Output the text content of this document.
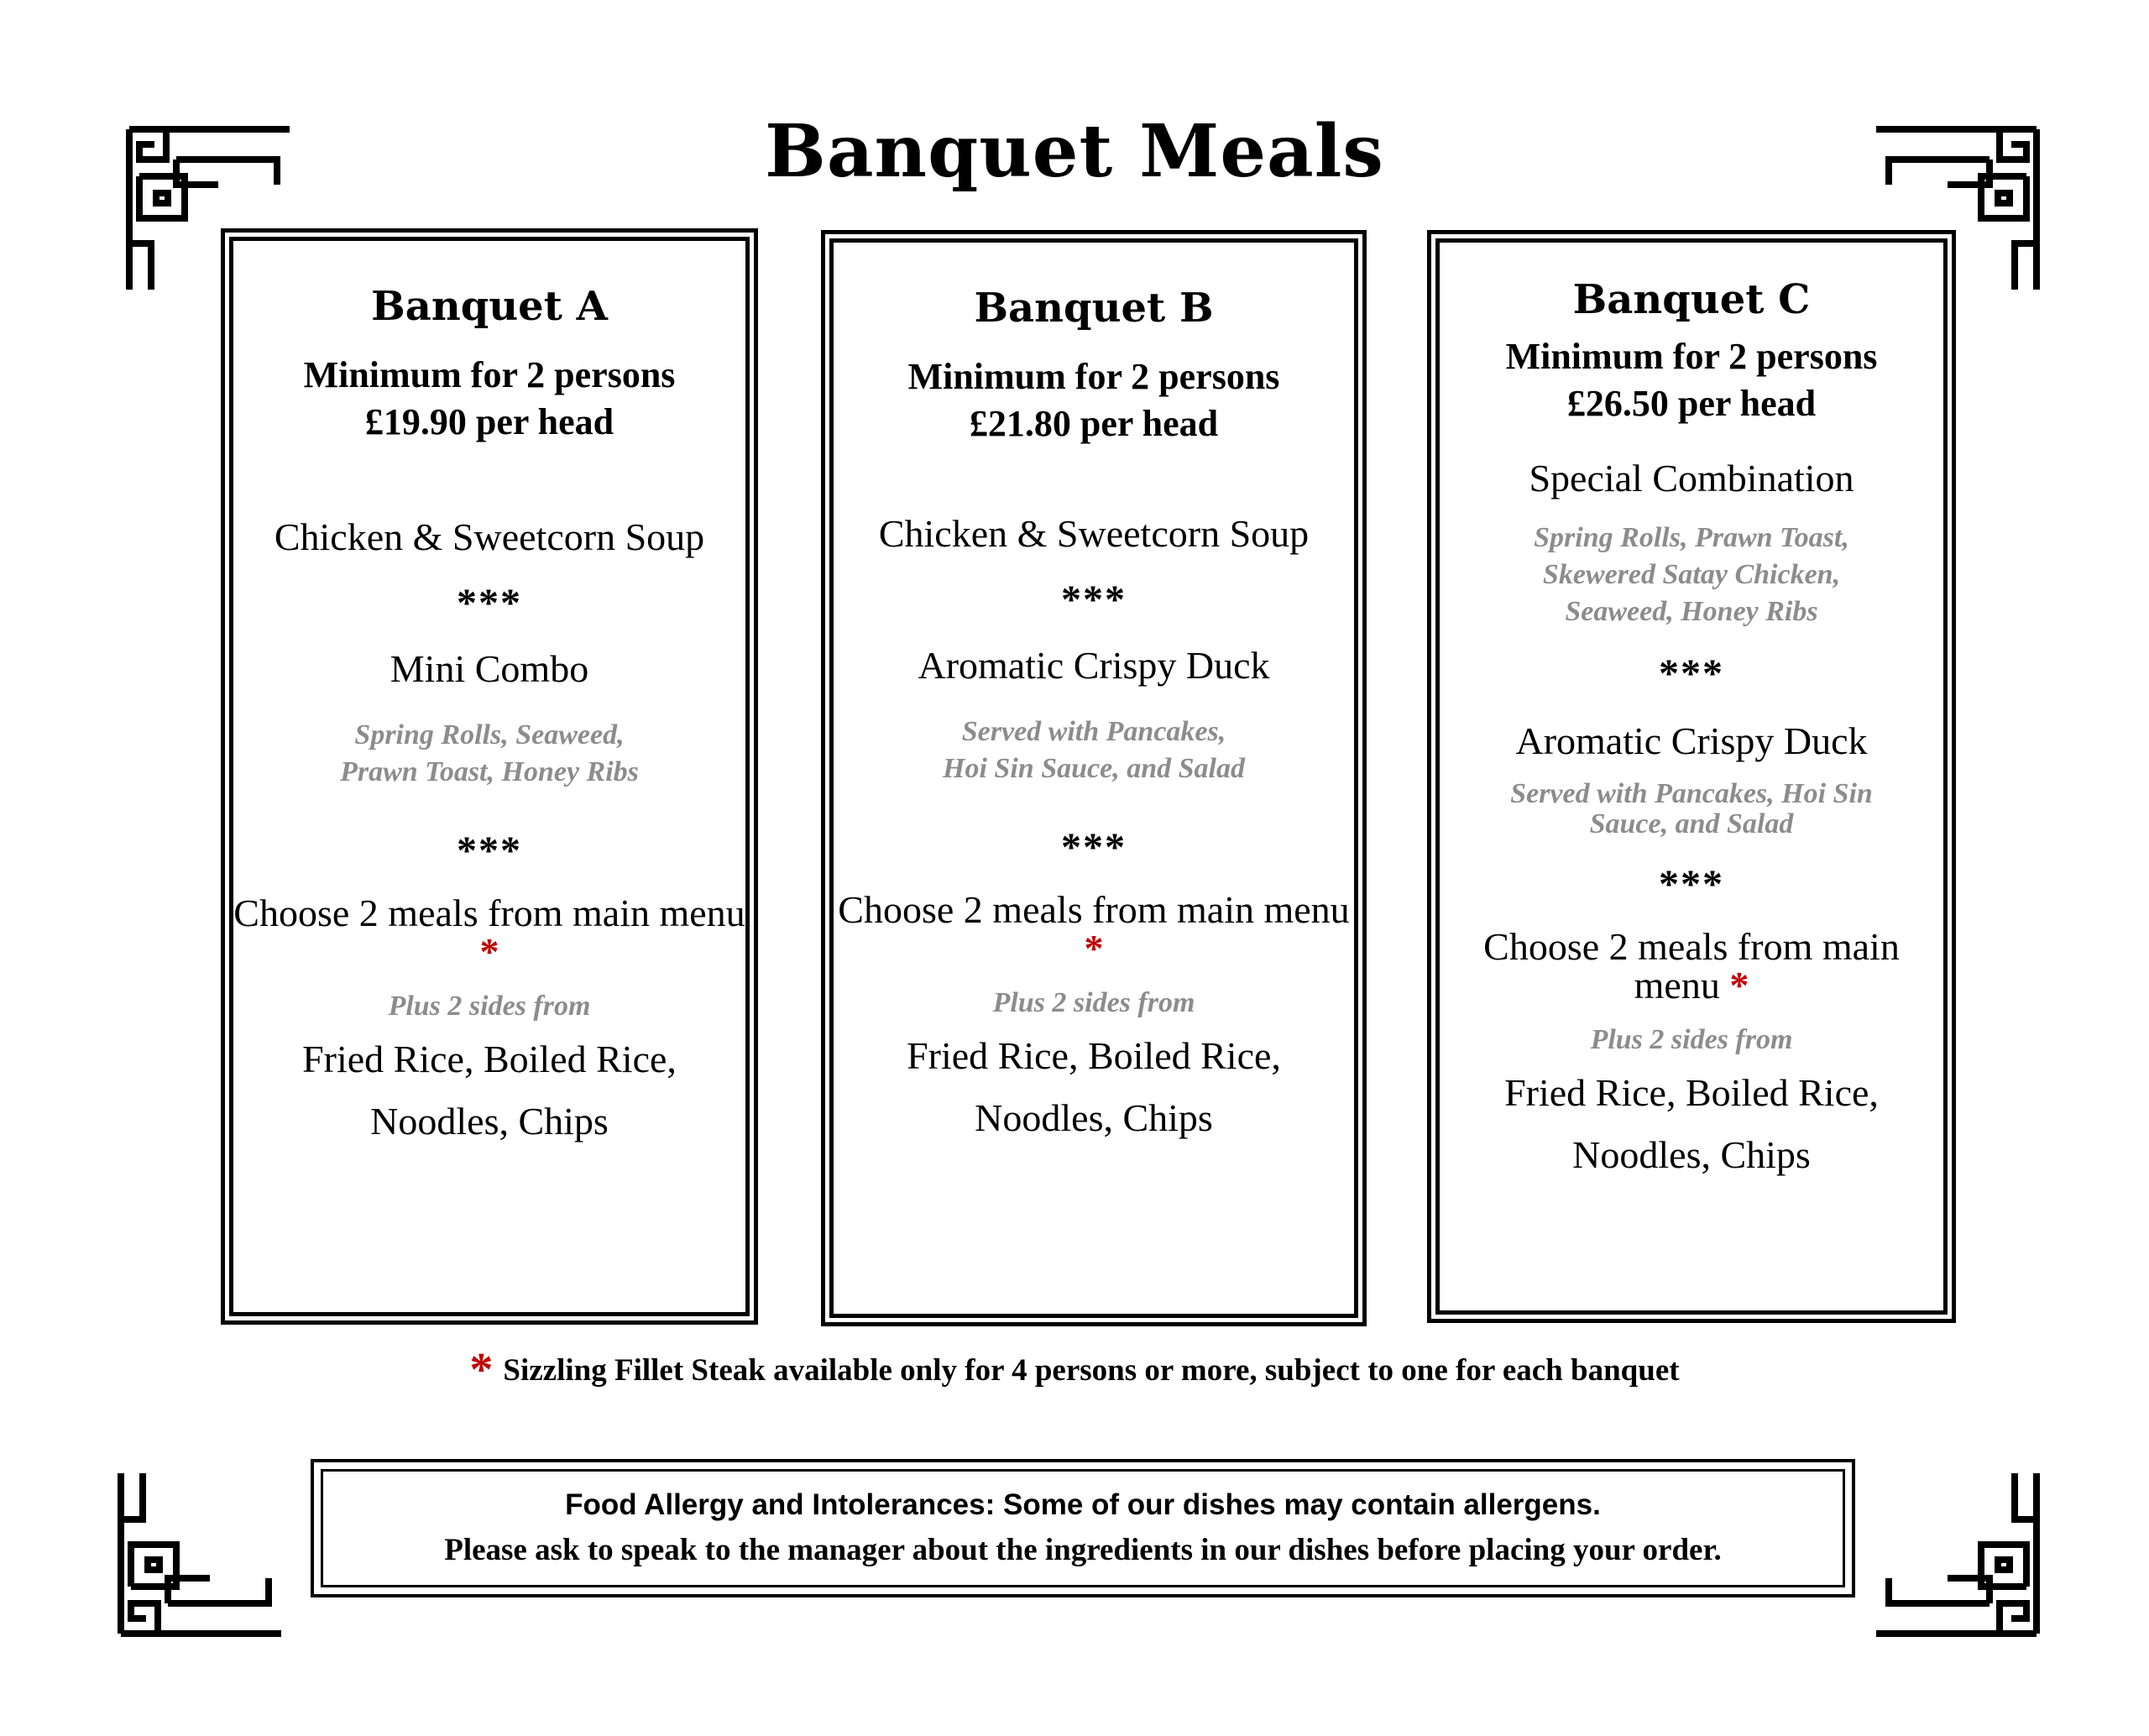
Banquet Meals
Banquet A
Minimum for 2 persons
£19.90 per head
Chicken & Sweetcorn Soup
***
Mini Combo
Spring Rolls, Seaweed,
Prawn Toast, Honey Ribs
***
Choose 2 meals from main menu *
Plus 2 sides from
Fried Rice, Boiled Rice,
Noodles, Chips
Banquet B
Minimum for 2 persons
£21.80 per head
Chicken & Sweetcorn Soup
***
Aromatic Crispy Duck
Served with Pancakes,
Hoi Sin Sauce, and Salad
***
Choose 2 meals from main menu *
Plus 2 sides from
Fried Rice, Boiled Rice,
Noodles, Chips
Banquet C
Minimum for 2 persons
£26.50 per head
Special Combination
Spring Rolls, Prawn Toast,
Skewered Satay Chicken,
Seaweed, Honey Ribs
***
Aromatic Crispy Duck
Served with Pancakes, Hoi Sin
Sauce, and Salad
***
Choose 2 meals from main menu *
Plus 2 sides from
Fried Rice, Boiled Rice,
Noodles, Chips
* Sizzling Fillet Steak available only for 4 persons or more, subject to one for each banquet
Food Allergy and Intolerances: Some of our dishes may contain allergens.
Please ask to speak to the manager about the ingredients in our dishes before placing your order.
